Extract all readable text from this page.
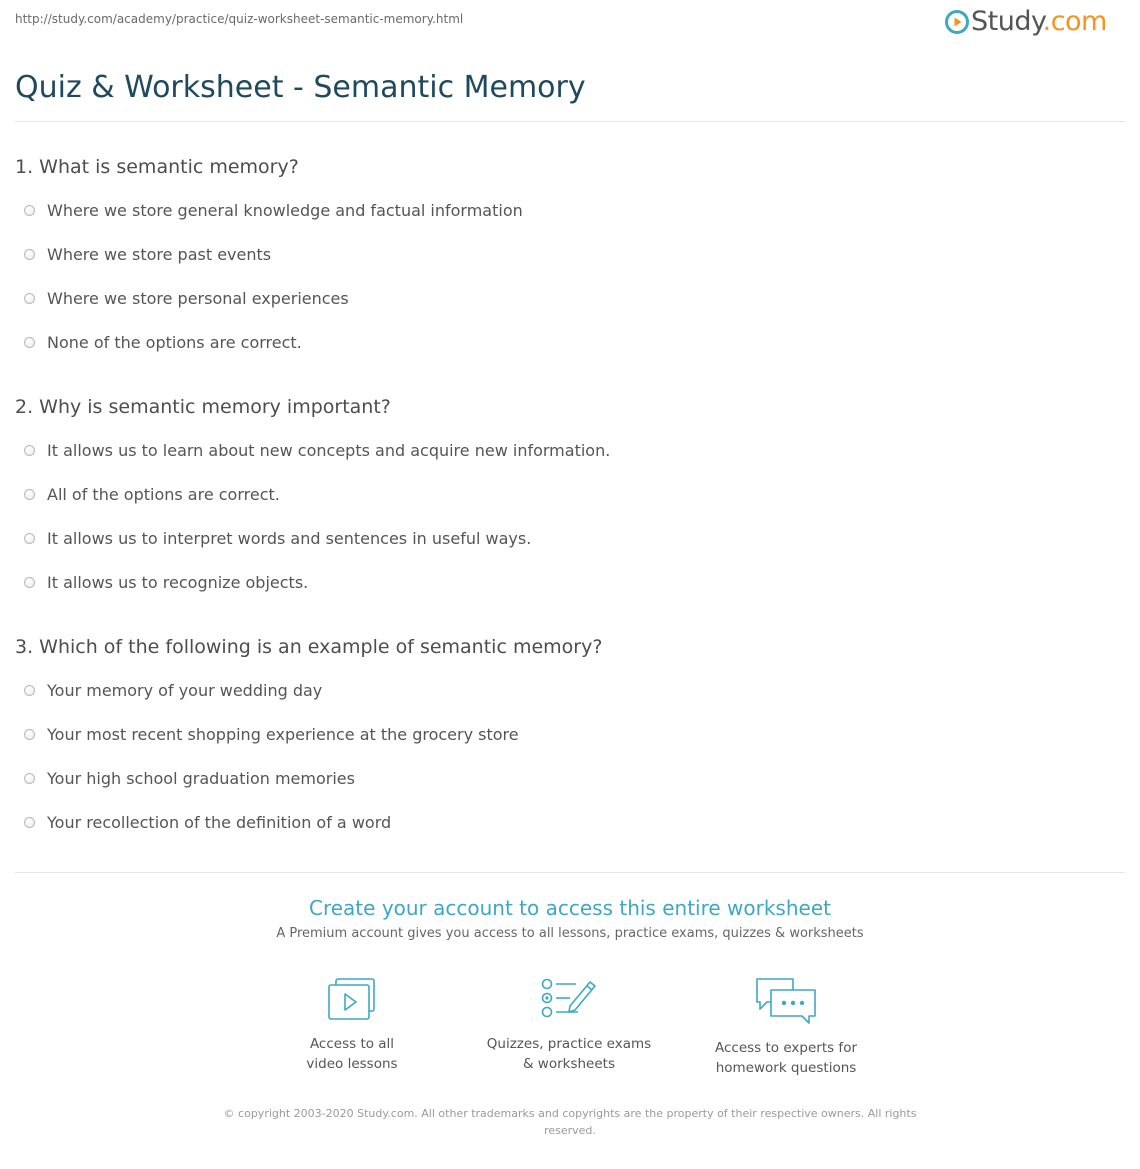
http://study.com/academy/practice/quiz-worksheet-semantic-memory.html	Study.com
Quiz & Worksheet - Semantic Memory
1. What is semantic memory?
Where we store general knowledge and factual information
Where we store past events
Where we store personal experiences
None of the options are correct.
2. Why is semantic memory important?
It allows us to learn about new concepts and acquire new information.
All of the options are correct.
It allows us to interpret words and sentences in useful ways.
It allows us to recognize objects.
3. Which of the following is an example of semantic memory?
Your memory of your wedding day
Your most recent shopping experience at the grocery store
Your high school graduation memories
Your recollection of the definition of a word
Create your account to access this entire worksheet
A Premium account gives you access to all lessons, practice exams, quizzes & worksheets
Access to all
video lessons
Quizzes, practice exams
& worksheets
Access to experts for
homework questions
© copyright 2003-2020 Study.com. All other trademarks and copyrights are the property of their respective owners. All rights reserved.
